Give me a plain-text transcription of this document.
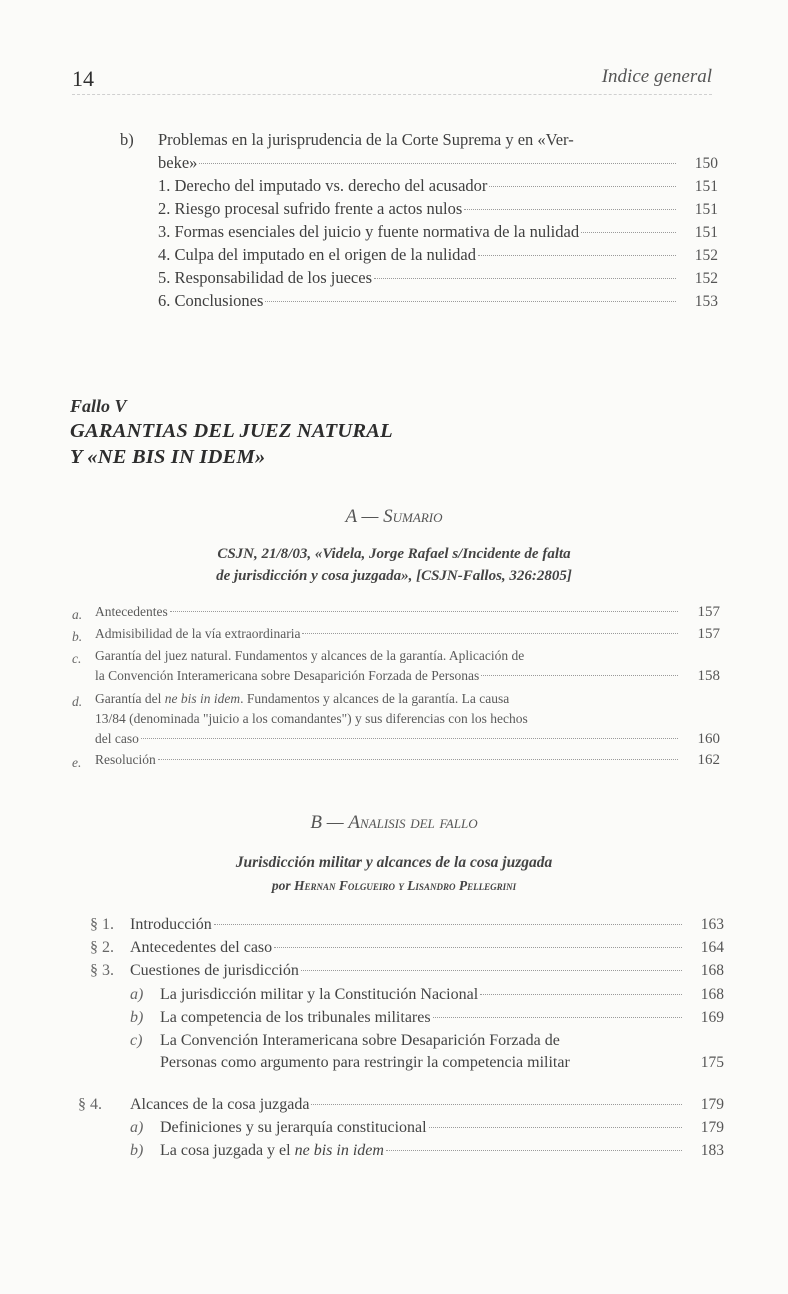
14	Indice general
b) Problemas en la jurisprudencia de la Corte Suprema y en «Ver-
beke»	150
1. Derecho del imputado vs. derecho del acusador	151
2. Riesgo procesal sufrido frente a actos nulos	151
3. Formas esenciales del juicio y fuente normativa de la nulidad	151
4. Culpa del imputado en el origen de la nulidad	152
5. Responsabilidad de los jueces	152
6. Conclusiones	153
Fallo V
GARANTIAS DEL JUEZ NATURAL
Y «NE BIS IN IDEM»
A — Sumario
CSJN, 21/8/03, «Videla, Jorge Rafael s/Incidente de falta
de jurisdicción y cosa juzgada», [CSJN-Fallos, 326:2805]
a. Antecedentes	157
b. Admisibilidad de la vía extraordinaria	157
c. Garantía del juez natural. Fundamentos y alcances de la garantía. Aplicación de
la Convención Interamericana sobre Desaparición Forzada de Personas	158
d. Garantía del ne bis in idem. Fundamentos y alcances de la garantía. La causa
13/84 (denominada "juicio a los comandantes") y sus diferencias con los hechos
del caso	160
e. Resolución	162
B — Analisis del fallo
Jurisdicción militar y alcances de la cosa juzgada
por Hernan Folgueiro y Lisandro Pellegrini
§ 1. Introducción	163
§ 2. Antecedentes del caso	164
§ 3. Cuestiones de jurisdicción	168
a) La jurisdicción militar y la Constitución Nacional	168
b) La competencia de los tribunales militares	169
c) La Convención Interamericana sobre Desaparición Forzada de
Personas como argumento para restringir la competencia militar	175
§ 4. Alcances de la cosa juzgada	179
a) Definiciones y su jerarquía constitucional	179
b) La cosa juzgada y el ne bis in idem	183
